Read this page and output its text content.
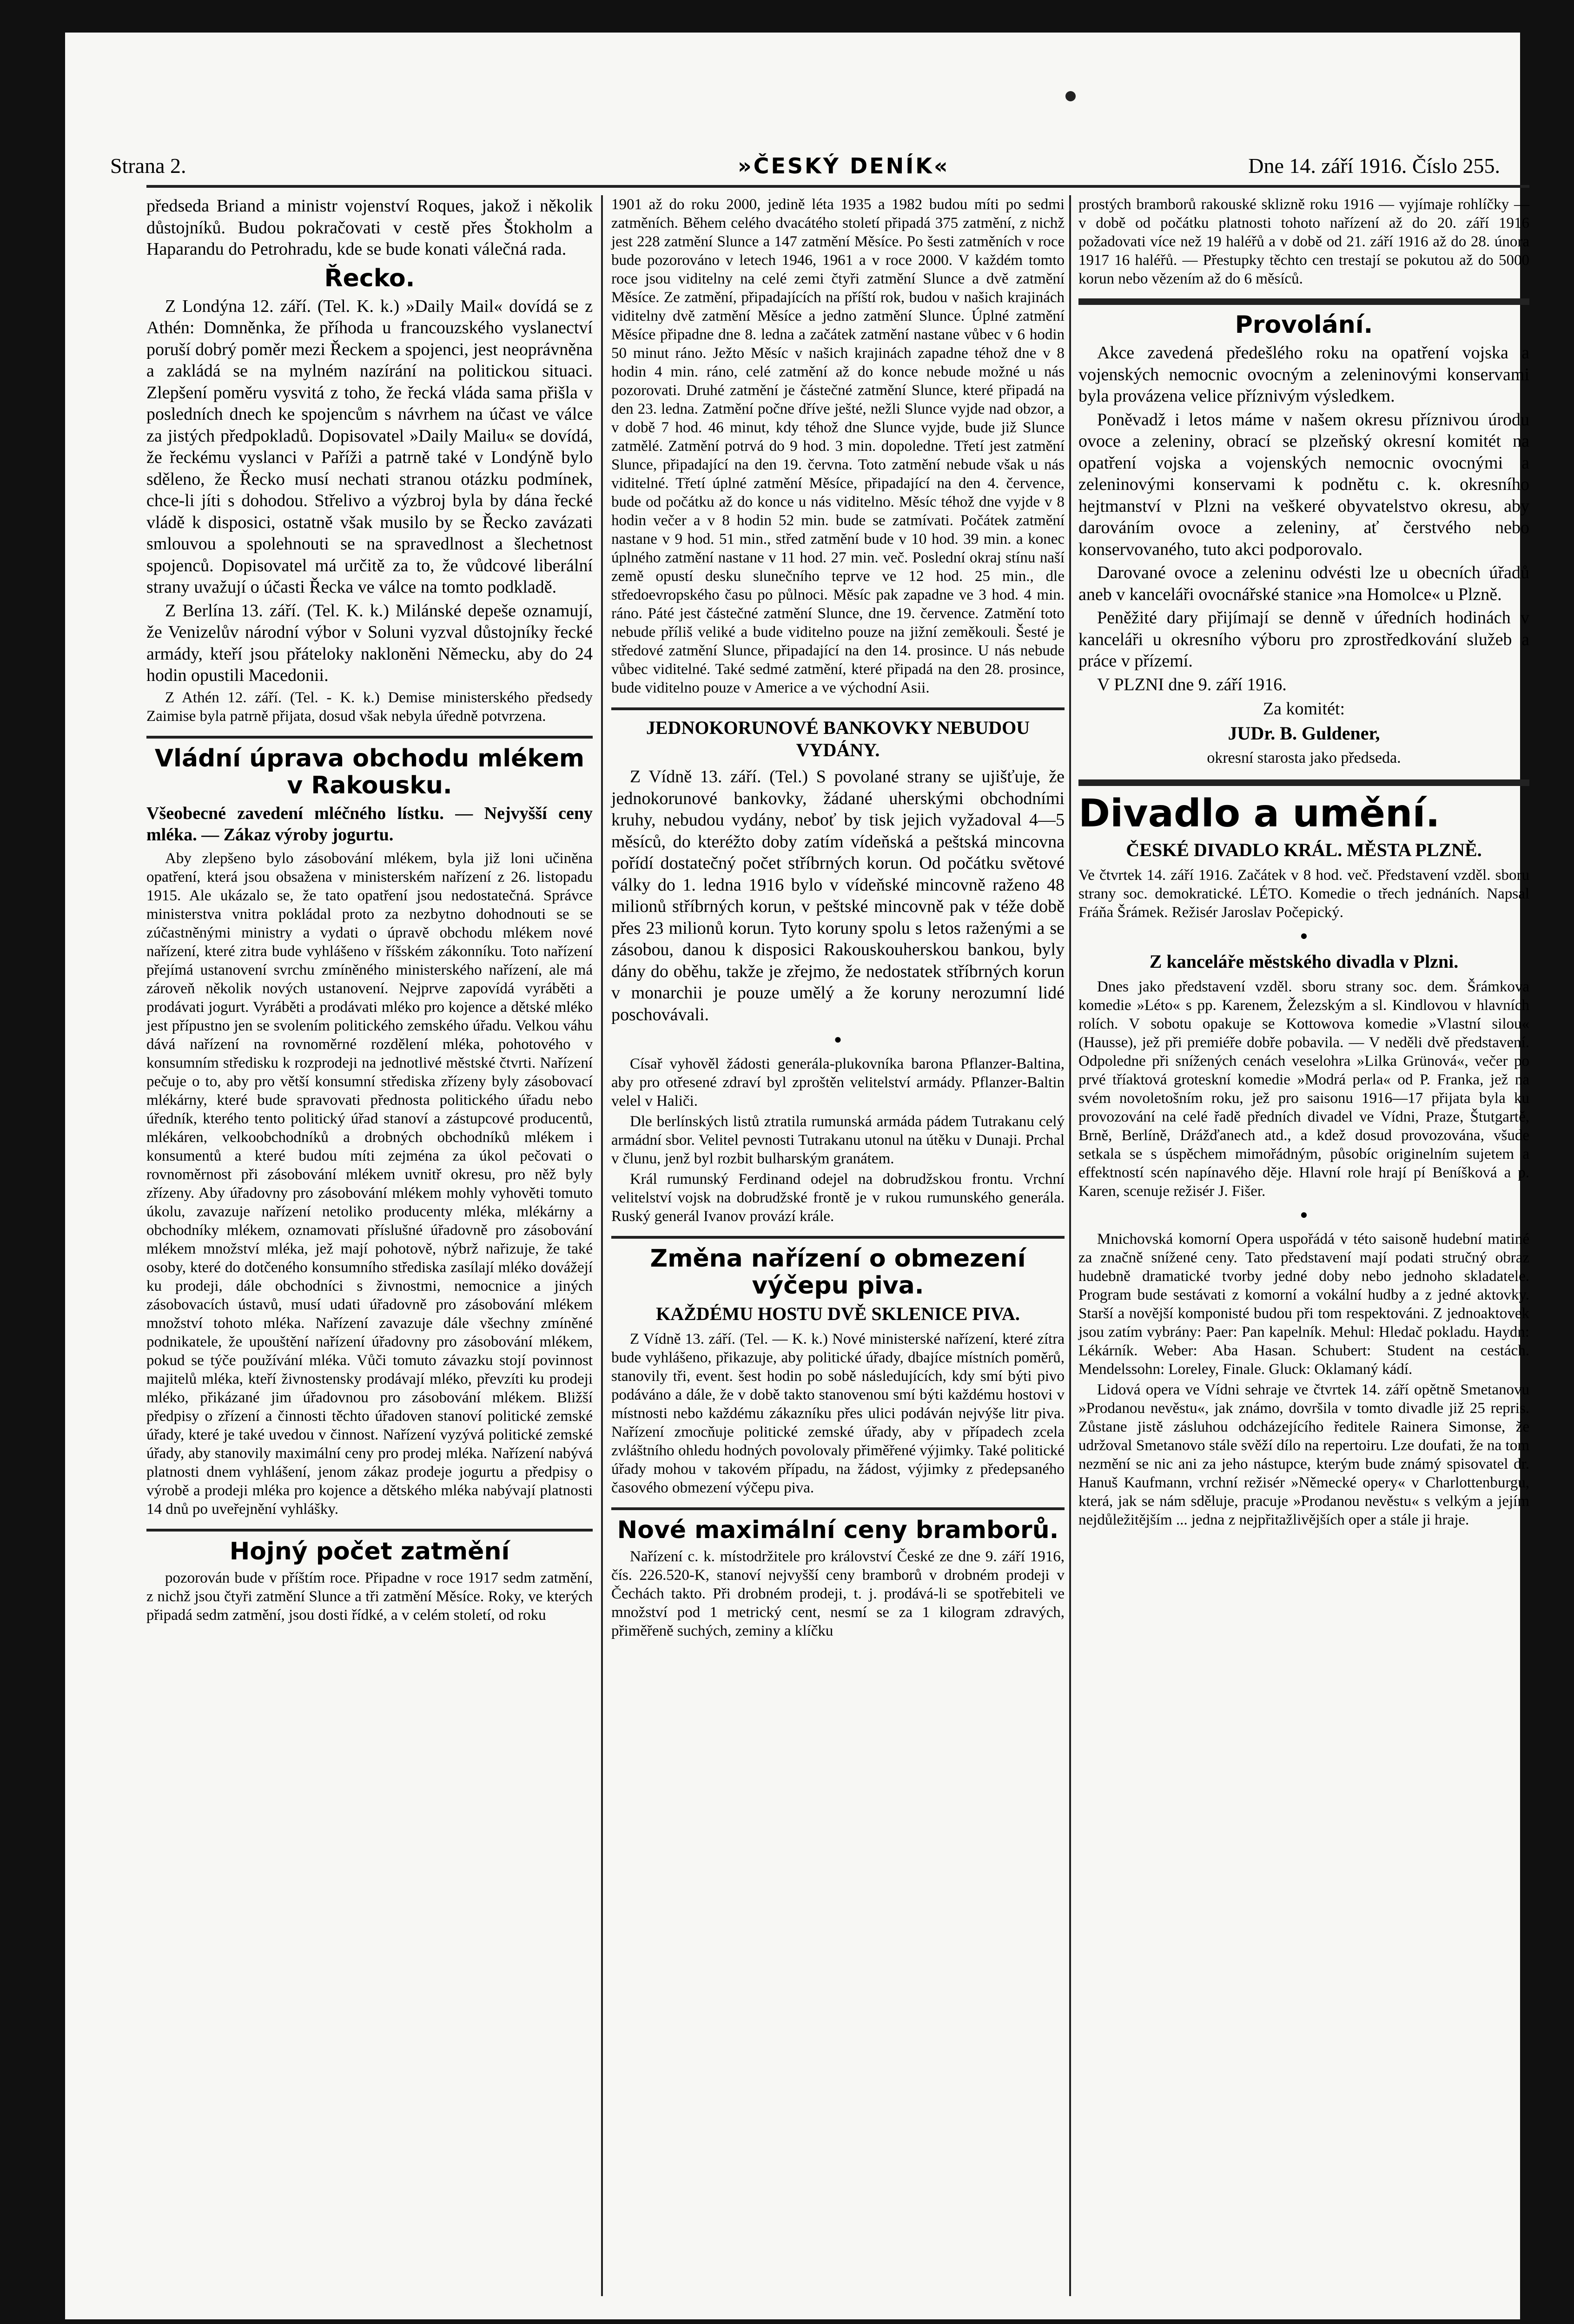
Strana 2.	»ČESKÝ DENÍK«	Dne 14. září 1916. Číslo 255.

předseda Briand a ministr vojenství Roques, jakož i několik důstojníků. Budou pokračovati v cestě přes Štokholm a Haparandu do Petrohradu, kde se bude konati válečná rada.

Řecko.

Z Londýna 12. září. (Tel. K. k.) »Daily Mail« dovídá se z Athén: Domněnka, že příhoda u francouzského vyslanectví poruší dobrý poměr mezi Řeckem a spojenci, jest neoprávněna a zakládá se na mylném nazírání na politickou situaci. Zlepšení poměru vysvitá z toho, že řecká vláda sama přišla v posledních dnech ke spojencům s návrhem na účast ve válce za jistých předpokladů. Dopisovatel »Daily Mailu« se dovídá, že řeckému vyslanci v Paříži a patrně také v Londýně bylo sděleno, že Řecko musí nechati stranou otázku podmínek, chce-li jíti s dohodou. Střelivo a výzbroj byla by dána řecké vládě k disposici, ostatně však musilo by se Řecko zavázati smlouvou a spolehnouti se na spravedlnost a šlechetnost spojenců. Dopisovatel má určitě za to, že vůdcové liberální strany uvažují o účasti Řecka ve válce na tomto podkladě.

Z Berlína 13. září. (Tel. K. k.) Milánské depeše oznamují, že Venizelův národní výbor v Soluni vyzval důstojníky řecké armády, kteří jsou přáteloky nakloněni Německu, aby do 24 hodin opustili Macedonii.

Z Athén 12. září. (Tel. - K. k.) Demise ministerského předsedy Zaimise byla patrně přijata, dosud však nebyla úředně potvrzena.

Vládní úprava obchodu mlékem v Rakousku.
Všeobecné zavedení mléčného lístku. — Nejvyšší ceny mléka. — Zákaz výroby jogurtu.

Aby zlepšeno bylo zásobování mlékem, byla již loni učiněna opatření, která jsou obsažena v ministerském nařízení z 26. listopadu 1915. Ale ukázalo se, že tato opatření jsou nedostatečná. Správce ministerstva vnitra pokládal proto za nezbytno dohodnouti se se zúčastněnými ministry a vydati o úpravě obchodu mlékem nové nařízení, které zitra bude vyhlášeno v říšském zákonníku. Toto nařízení přejímá ustanovení svrchu zmíněného ministerského nařízení, ale má zároveň několik nových ustanovení. Nejprve zapovídá vyráběti a prodávati jogurt. Vyráběti a prodávati mléko pro kojence a dětské mléko jest přípustno jen se svolením politického zemského úřadu. Velkou váhu dává nařízení na rovnoměrné rozdělení mléka, pohotového v konsumním středisku k rozprodeji na jednotlivé městské čtvrti. Nařízení pečuje o to, aby pro větší konsumní střediska zřízeny byly zásobovací mlékárny, které bude spravovati přednosta politického úřadu nebo úředník, kterého tento politický úřad stanoví a zástupcové producentů, mlékáren, velkoobchodníků a drobných obchodníků mlékem i konsumentů a které budou míti zejména za úkol pečovati o rovnoměrnost při zásobování mlékem uvnitř okresu, pro něž byly zřízeny. Aby úřadovny pro zásobování mlékem mohly vyhověti tomuto úkolu, zavazuje nařízení netoliko producenty mléka, mlékárny a obchodníky mlékem, oznamovati příslušné úřadovně pro zásobování mlékem množství mléka, jež mají pohotově, nýbrž nařizuje, že také osoby, které do dotčeného konsumního střediska zasílají mléko dovážejí ku prodeji, dále obchodníci s živnostmi, nemocnice a jiných zásobovacích ústavů, musí udati úřadovně pro zásobování mlékem množství tohoto mléka. Nařízení zavazuje dále všechny zmíněné podnikatele, že upouštění nařízení úřadovny pro zásobování mlékem, pokud se týče používání mléka. Vůči tomuto závazku stojí povinnost majitelů mléka, kteří živnostensky prodávají mléko, převzíti ku prodeji mléko, přikázané jim úřadovnou pro zásobování mlékem. Bližší předpisy o zřízení a činnosti těchto úřadoven stanoví politické zemské úřady, které je také uvedou v činnost. Nařízení vyzývá politické zemské úřady, aby stanovily maximální ceny pro prodej mléka. Nařízení nabývá platnosti dnem vyhlášení, jenom zákaz prodeje jogurtu a předpisy o výrobě a prodeji mléka pro kojence a dětského mléka nabývají platnosti 14 dnů po uveřejnění vyhlášky.

Hojný počet zatmění

pozorován bude v příštím roce. Připadne v roce 1917 sedm zatmění, z nichž jsou čtyři zatmění Slunce a tři zatmění Měsíce. Roky, ve kterých připadá sedm zatmění, jsou dosti řídké, a v celém století, od roku

1901 až do roku 2000, jedině léta 1935 a 1982 budou míti po sedmi zatměních. Během celého dvacátého století připadá 375 zatmění, z nichž jest 228 zatmění Slunce a 147 zatmění Měsíce. Po šesti zatměních v roce bude pozorováno v letech 1946, 1961 a v roce 2000. V každém tomto roce jsou viditelny na celé zemi čtyři zatmění Slunce a dvě zatmění Měsíce. Ze zatmění, připadajících na příští rok, budou v našich krajinách viditelny dvě zatmění Měsíce a jedno zatmění Slunce. Úplné zatmění Měsíce připadne dne 8. ledna a začátek zatmění nastane vůbec v 6 hodin 50 minut ráno. Ježto Měsíc v našich krajinách zapadne téhož dne v 8 hodin 4 min. ráno, celé zatmění až do konce nebude možné u nás pozorovati. Druhé zatmění je částečné zatmění Slunce, které připadá na den 23. ledna. Zatmění počne dříve ješté, nežli Slunce vyjde nad obzor, a v době 7 hod. 46 minut, kdy téhož dne Slunce vyjde, bude již Slunce zatmělé. Zatmění potrvá do 9 hod. 3 min. dopoledne. Třetí jest zatmění Slunce, připadající na den 19. června. Toto zatmění nebude však u nás viditelné. Třetí úplné zatmění Měsíce, připadající na den 4. července, bude od počátku až do konce u nás viditelno. Měsíc téhož dne vyjde v 8 hodin večer a v 8 hodin 52 min. bude se zatmívati. Počátek zatmění nastane v 9 hod. 51 min., střed zatmění bude v 10 hod. 39 min. a konec úplného zatmění nastane v 11 hod. 27 min. več. Poslední okraj stínu naší země opustí desku slunečního teprve ve 12 hod. 25 min., dle středoevropského času po půlnoci. Měsíc pak zapadne ve 3 hod. 4 min. ráno. Páté jest částečné zatmění Slunce, dne 19. července. Zatmění toto nebude příliš veliké a bude viditelno pouze na jižní zeměkouli. Šesté je středové zatmění Slunce, připadající na den 14. prosince. U nás nebude vůbec viditelné. Také sedmé zatmění, které připadá na den 28. prosince, bude viditelno pouze v Americe a ve východní Asii.

JEDNOKORUNOVÉ BANKOVKY NEBUDOU VYDÁNY.

Z Vídně 13. září. (Tel.) S povolané strany se ujišťuje, že jednokorunové bankovky, žádané uherskými obchodními kruhy, nebudou vydány, neboť by tisk jejich vyžadoval 4—5 měsíců, do kteréžto doby zatím vídeňská a peštská mincovna pořídí dostatečný počet stříbrných korun. Od počátku světové války do 1. ledna 1916 bylo v vídeňské mincovně raženo 48 milionů stříbrných korun, v peštské mincovně pak v téže době přes 23 milionů korun. Tyto koruny spolu s letos raženými a se zásobou, danou k disposici Rakouskouherskou bankou, byly dány do oběhu, takže je zřejmo, že nedostatek stříbrných korun v monarchii je pouze umělý a že koruny nerozumní lidé poschovávali.

●

Císař vyhověl žádosti generála-plukovníka barona Pflanzer-Baltina, aby pro otřesené zdraví byl zproštěn velitelství armády. Pflanzer-Baltin velel v Haliči.

Dle berlínských listů ztratila rumunská armáda pádem Tutrakanu celý armádní sbor. Velitel pevnosti Tutrakanu utonul na útěku v Dunaji. Prchal v člunu, jenž byl rozbit bulharským granátem.

Král rumunský Ferdinand odejel na dobrudžskou frontu. Vrchní velitelství vojsk na dobrudžské frontě je v rukou rumunského generála. Ruský generál Ivanov provází krále.

Změna nařízení o obmezení výčepu piva.
KAŽDÉMU HOSTU DVĚ SKLENICE PIVA.

Z Vídně 13. září. (Tel. — K. k.) Nové ministerské nařízení, které zítra bude vyhlášeno, přikazuje, aby politické úřady, dbajíce místních poměrů, stanovily tři, event. šest hodin po sobě následujících, kdy smí býti pivo podáváno a dále, že v době takto stanovenou smí býti každému hostovi v místnosti nebo každému zákazníku přes ulici podáván nejvýše litr piva. Nařízení zmocňuje politické zemské úřady, aby v případech zcela zvláštního ohledu hodných povolovaly přiměřené výjimky. Také politické úřady mohou v takovém případu, na žádost, výjimky z předepsaného časového obmezení výčepu piva.

Nové maximální ceny bramborů.

Nařízení c. k. místodržitele pro království České ze dne 9. září 1916, čís. 226.520-K, stanoví nejvyšší ceny bramborů v drobném prodeji v Čechách takto. Při drobném prodeji, t. j. prodává-li se spotřebiteli ve množství pod 1 metrický cent, nesmí se za 1 kilogram zdravých, přiměřeně suchých, zeminy a klíčku

prostých bramborů rakouské sklizně roku 1916 — vyjímaje rohlíčky — v době od počátku platnosti tohoto nařízení až do 20. září 1916 požadovati více než 19 haléřů a v době od 21. září 1916 až do 28. února 1917 16 haléřů. — Přestupky těchto cen trestají se pokutou až do 5000 korun nebo vězením až do 6 měsíců.

Provolání.

Akce zavedená předešlého roku na opatření vojska a vojenských nemocnic ovocným a zeleninovými konservami byla provázena velice příznivým výsledkem.

Poněvadž i letos máme v našem okresu příznivou úrodu ovoce a zeleniny, obrací se plzeňský okresní komitét na opatření vojska a vojenských nemocnic ovocnými a zeleninovými konservami k podnětu c. k. okresního hejtmanství v Plzni na veškeré obyvatelstvo okresu, aby darováním ovoce a zeleniny, ať čerstvého nebo konservovaného, tuto akci podporovalo.

Darované ovoce a zeleninu odvésti lze u obecních úřadů aneb v kanceláři ovocnářské stanice »na Homolce« u Plzně.

Peněžité dary přijímají se denně v úředních hodinách v kanceláři u okresního výboru pro zprostředkování služeb a práce v přízemí.

V PLZNI dne 9. září 1916.

Za komitét:
JUDr. B. Guldener,
okresní starosta jako předseda.
Divadlo a umění.
ČESKÉ DIVADLO KRÁL. MĚSTA PLZNĚ.

Ve čtvrtek 14. září 1916. Začátek v 8 hod. več. Představení vzděl. sboru strany soc. demokratické. LÉTO. Komedie o třech jednáních. Napsal Fráňa Šrámek. Režisér Jaroslav Počepický.

●
Z kanceláře městského divadla v Plzni.

Dnes jako představení vzděl. sboru strany soc. dem. Šrámkova komedie »Léto« s pp. Karenem, Železským a sl. Kindlovou v hlavních rolích. V sobotu opakuje se Kottowova komedie »Vlastní silou« (Hausse), jež při premiéře dobře pobavila. — V neděli dvě představení. Odpoledne při snížených cenách veselohra »Lilka Grünová«, večer po prvé tříaktová groteskní komedie »Modrá perla« od P. Franka, jež na svém novoletošním roku, jež pro saisonu 1916—17 přijata byla ku provozování na celé řadě předních divadel ve Vídni, Praze, Štutgartě, Brně, Berlíně, Drážďanech atd., a kdež dosud provozována, všude setkala se s úspěchem mimořádným, působíc originelním sujetem a effektností scén napínavého děje. Hlavní role hrají pí Beníšková a p. Karen, scenuje režisér J. Fišer.

●

Mnichovská komorní Opera uspořádá v této saisoně hudební matiné za značně snížené ceny. Tato představení mají podati stručný obraz hudebně dramatické tvorby jedné doby nebo jednoho skladatele. Program bude sestávati z komorní a vokální hudby a z jedné aktovky. Starší a novější komponisté budou při tom respektováni. Z jednoaktovek jsou zatím vybrány: Paer: Pan kapelník. Mehul: Hledač pokladu. Haydn: Lékárník. Weber: Aba Hasan. Schubert: Student na cestách. Mendelssohn: Loreley, Finale. Gluck: Oklamaný kádí.

Lidová opera ve Vídni sehraje ve čtvrtek 14. září opětně Smetanovu »Prodanou nevěstu«, jak známo, dovršila v tomto divadle již 25 repris. Zůstane jistě zásluhou odcházejícího ředitele Rainera Simonse, že udržoval Smetanovo stále svěží dílo na repertoiru. Lze doufati, že na tom nezmění se nic ani za jeho nástupce, kterým bude známý spisovatel dr. Hanuš Kaufmann, vrchní režisér »Německé opery« v Charlottenburgu, která, jak se nám sděluje, pracuje »Prodanou nevěstu« s velkým a jejím nejdůležitějším ... jedna z nejpřitažlivějších oper a stále ji hraje.
